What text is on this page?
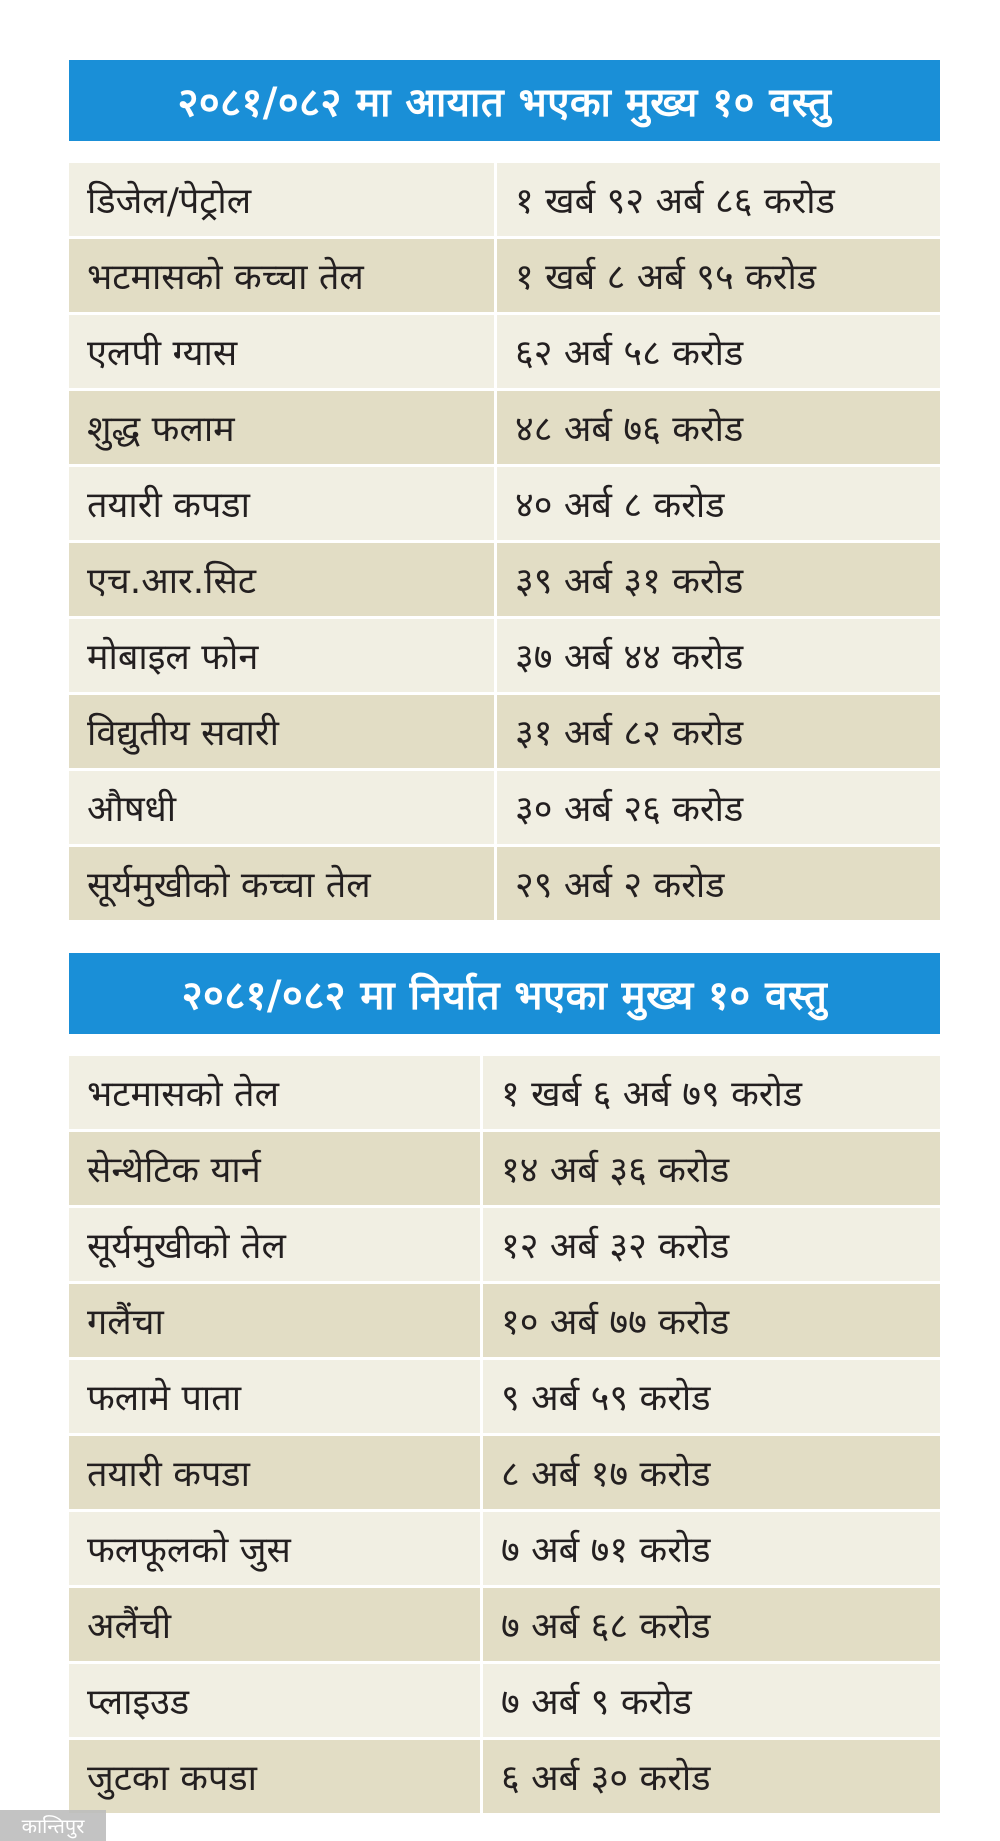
२०८१/०८२ मा आयात भएका मुख्य १० वस्तु
डिजेल/पेट्रोल	१ खर्ब ९२ अर्ब ८६ करोड
भटमासको कच्चा तेल	१ खर्ब ८ अर्ब ९५ करोड
एलपी ग्यास	६२ अर्ब ५८ करोड
शुद्ध फलाम	४८ अर्ब ७६ करोड
तयारी कपडा	४० अर्ब ८ करोड
एच.आर.सिट	३९ अर्ब ३१ करोड
मोबाइल फोन	३७ अर्ब ४४ करोड
विद्युतीय सवारी	३१ अर्ब ८२ करोड
औषधी	३० अर्ब २६ करोड
सूर्यमुखीको कच्चा तेल	२९ अर्ब २ करोड
२०८१/०८२ मा निर्यात भएका मुख्य १० वस्तु
भटमासको तेल	१ खर्ब ६ अर्ब ७९ करोड
सेन्थेटिक यार्न	१४ अर्ब ३६ करोड
सूर्यमुखीको तेल	१२ अर्ब ३२ करोड
गलैंचा	१० अर्ब ७७ करोड
फलामे पाता	९ अर्ब ५९ करोड
तयारी कपडा	८ अर्ब १७ करोड
फलफूलको जुस	७ अर्ब ७१ करोड
अलैंची	७ अर्ब ६८ करोड
प्लाइउड	७ अर्ब ९ करोड
जुटका कपडा	६ अर्ब ३० करोड
कान्तिपुर
